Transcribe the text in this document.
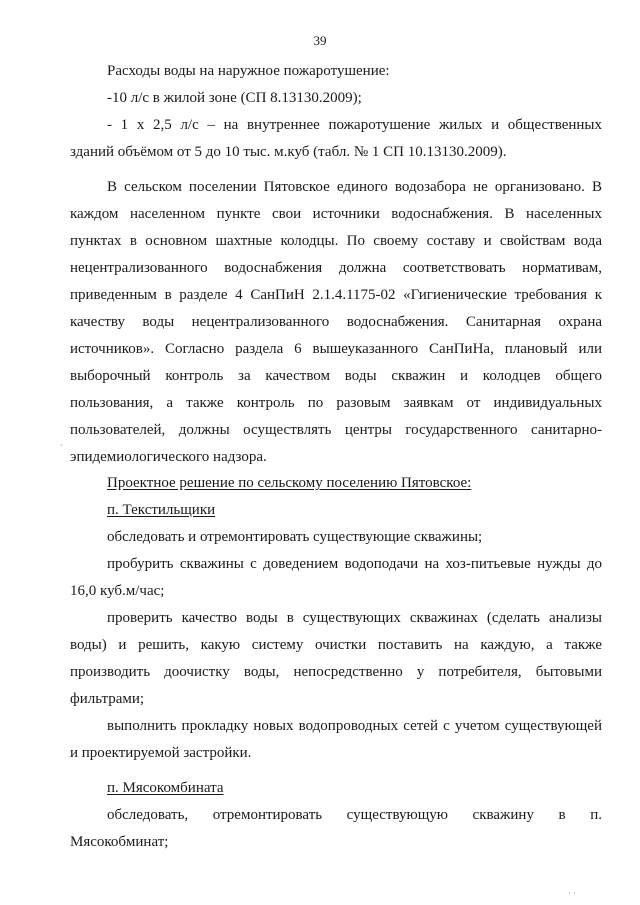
39
Расходы воды на наружное пожаротушение:
-10 л/с в жилой зоне (СП 8.13130.2009);
- 1 x 2,5 л/с – на внутреннее пожаротушение жилых и общественных
зданий объёмом от 5 до 10 тыс. м.куб (табл. № 1 СП 10.13130.2009).
В сельском поселении Пятовское единого водозабора не организовано. В
каждом населенном пункте свои источники водоснабжения. В населенных
пунктах в основном шахтные колодцы. По своему составу и свойствам вода
нецентрализованного водоснабжения должна соответствовать нормативам,
приведенным в разделе 4 СанПиН 2.1.4.1175-02 «Гигиенические требования к
качеству воды нецентрализованного водоснабжения. Санитарная охрана
источников». Согласно раздела 6 вышеуказанного СанПиНа, плановый или
выборочный контроль за качеством воды скважин и колодцев общего
пользования, а также контроль по разовым заявкам от индивидуальных
пользователей, должны осуществлять центры государственного санитарно-
эпидемиологического надзора.
Проектное решение по сельскому поселению Пятовское:
п. Текстильщики
обследовать и отремонтировать существующие скважины;
пробурить скважины с доведением водоподачи на хоз-питьевые нужды до
16,0 куб.м/час;
проверить качество воды в существующих скважинах (сделать анализы
воды) и решить, какую систему очистки поставить на каждую, а также
производить доочистку воды, непосредственно у потребителя, бытовыми
фильтрами;
выполнить прокладку новых водопроводных сетей с учетом существующей
и проектируемой застройки.
п. Мясокомбината
обследовать, отремонтировать существующую скважину в п.
Мясокобминат;
·
· ·
